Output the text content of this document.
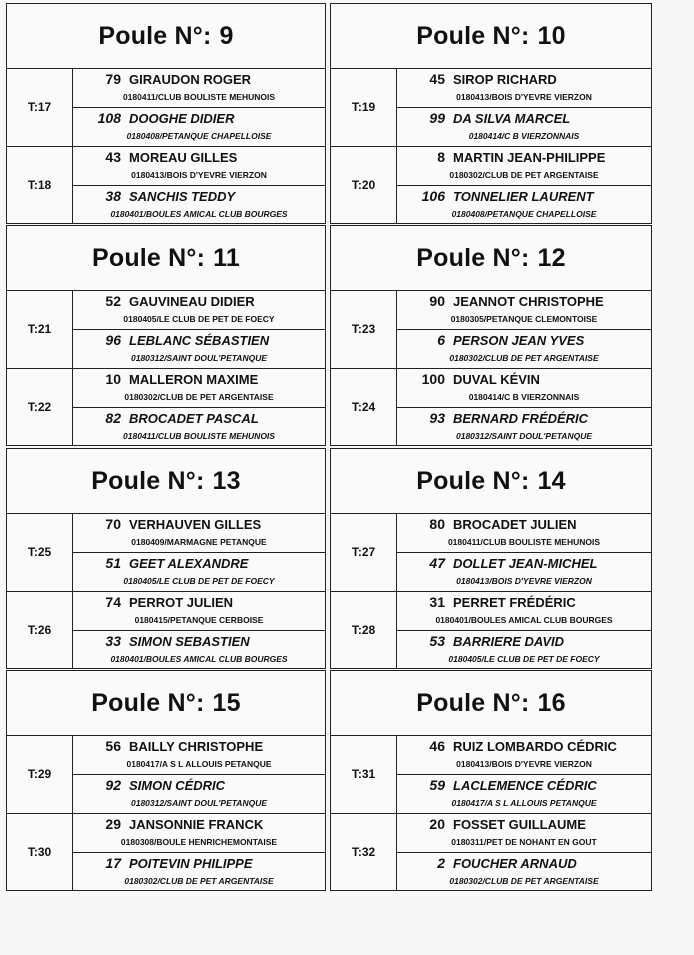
Poule N°: 9
T:17
79 GIRAUDON ROGER
0180411/CLUB BOULISTE MEHUNOIS
108 DOOGHE DIDIER
0180408/PETANQUE CHAPELLOISE
T:18
43 MOREAU GILLES
0180413/BOIS D'YEVRE VIERZON
38 SANCHIS TEDDY
0180401/BOULES AMICAL CLUB BOURGES
Poule N°: 10
T:19
45 SIROP RICHARD
0180413/BOIS D'YEVRE VIERZON
99 DA SILVA MARCEL
0180414/C B VIERZONNAIS
T:20
8 MARTIN JEAN-PHILIPPE
0180302/CLUB DE PET ARGENTAISE
106 TONNELIER LAURENT
0180408/PETANQUE CHAPELLOISE
Poule N°: 11
T:21
52 GAUVINEAU DIDIER
0180405/LE CLUB DE PET DE FOECY
96 LEBLANC SÉBASTIEN
0180312/SAINT DOUL'PETANQUE
T:22
10 MALLERON MAXIME
0180302/CLUB DE PET ARGENTAISE
82 BROCADET PASCAL
0180411/CLUB BOULISTE MEHUNOIS
Poule N°: 12
T:23
90 JEANNOT CHRISTOPHE
0180305/PETANQUE CLEMONTOISE
6 PERSON JEAN YVES
0180302/CLUB DE PET ARGENTAISE
T:24
100 DUVAL KÉVIN
0180414/C B VIERZONNAIS
93 BERNARD FRÉDÉRIC
0180312/SAINT DOUL'PETANQUE
Poule N°: 13
T:25
70 VERHAUVEN GILLES
0180409/MARMAGNE PETANQUE
51 GEET ALEXANDRE
0180405/LE CLUB DE PET DE FOECY
T:26
74 PERROT JULIEN
0180415/PETANQUE CERBOISE
33 SIMON SEBASTIEN
0180401/BOULES AMICAL CLUB BOURGES
Poule N°: 14
T:27
80 BROCADET JULIEN
0180411/CLUB BOULISTE MEHUNOIS
47 DOLLET JEAN-MICHEL
0180413/BOIS D'YEVRE VIERZON
T:28
31 PERRET FRÉDÉRIC
0180401/BOULES AMICAL CLUB BOURGES
53 BARRIERE DAVID
0180405/LE CLUB DE PET DE FOECY
Poule N°: 15
T:29
56 BAILLY CHRISTOPHE
0180417/A S L ALLOUIS PETANQUE
92 SIMON CÉDRIC
0180312/SAINT DOUL'PETANQUE
T:30
29 JANSONNIE FRANCK
0180308/BOULE HENRICHEMONTAISE
17 POITEVIN PHILIPPE
0180302/CLUB DE PET ARGENTAISE
Poule N°: 16
T:31
46 RUIZ LOMBARDO CÉDRIC
0180413/BOIS D'YEVRE VIERZON
59 LACLEMENCE CÉDRIC
0180417/A S L ALLOUIS PETANQUE
T:32
20 FOSSET GUILLAUME
0180311/PET DE NOHANT EN GOUT
2 FOUCHER ARNAUD
0180302/CLUB DE PET ARGENTAISE
